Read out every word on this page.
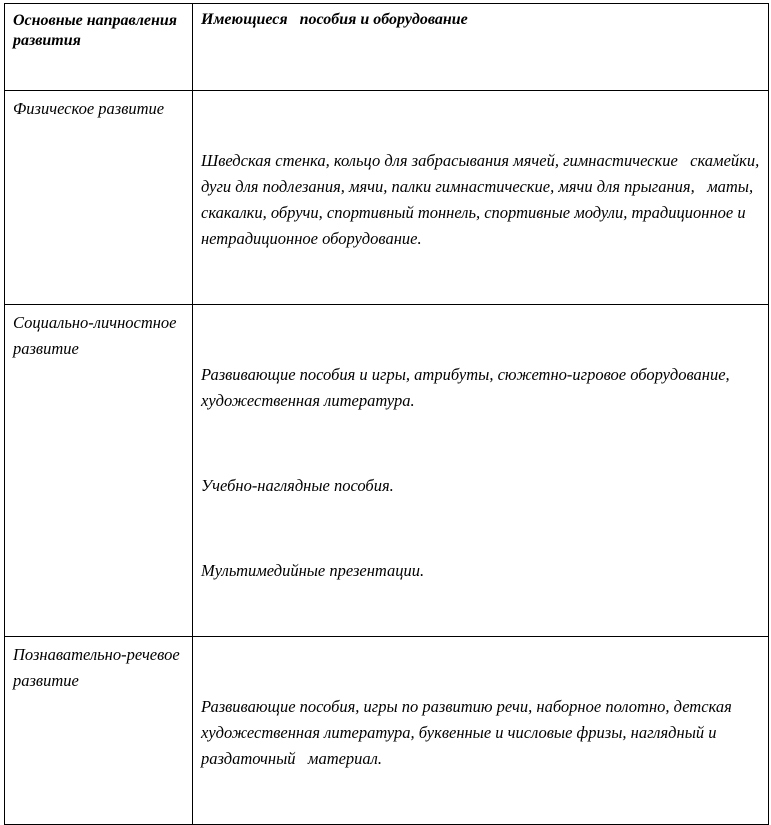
Основные направления развития	Имеющиеся   пособия и оборудование

Физическое развитие	Шведская стенка, кольцо для забрасывания мячей, гимнастические   скамейки, дуги для подлезания, мячи, палки гимнастические, мячи для прыгания,   маты, скакалки, обручи, спортивный тоннель, спортивные модули, традиционное и нетрадиционное оборудование.

Социально-личностное развитие	Развивающие пособия и игры, атрибуты, сюжетно-игровое оборудование,   художественная литература.

Учебно-наглядные пособия.

Мультимедийные презентации.

Познавательно-речевое   развитие	Развивающие пособия, игры по развитию речи, наборное полотно, детская   художественная литература, буквенные и числовые фризы, наглядный и раздаточный   материал.
